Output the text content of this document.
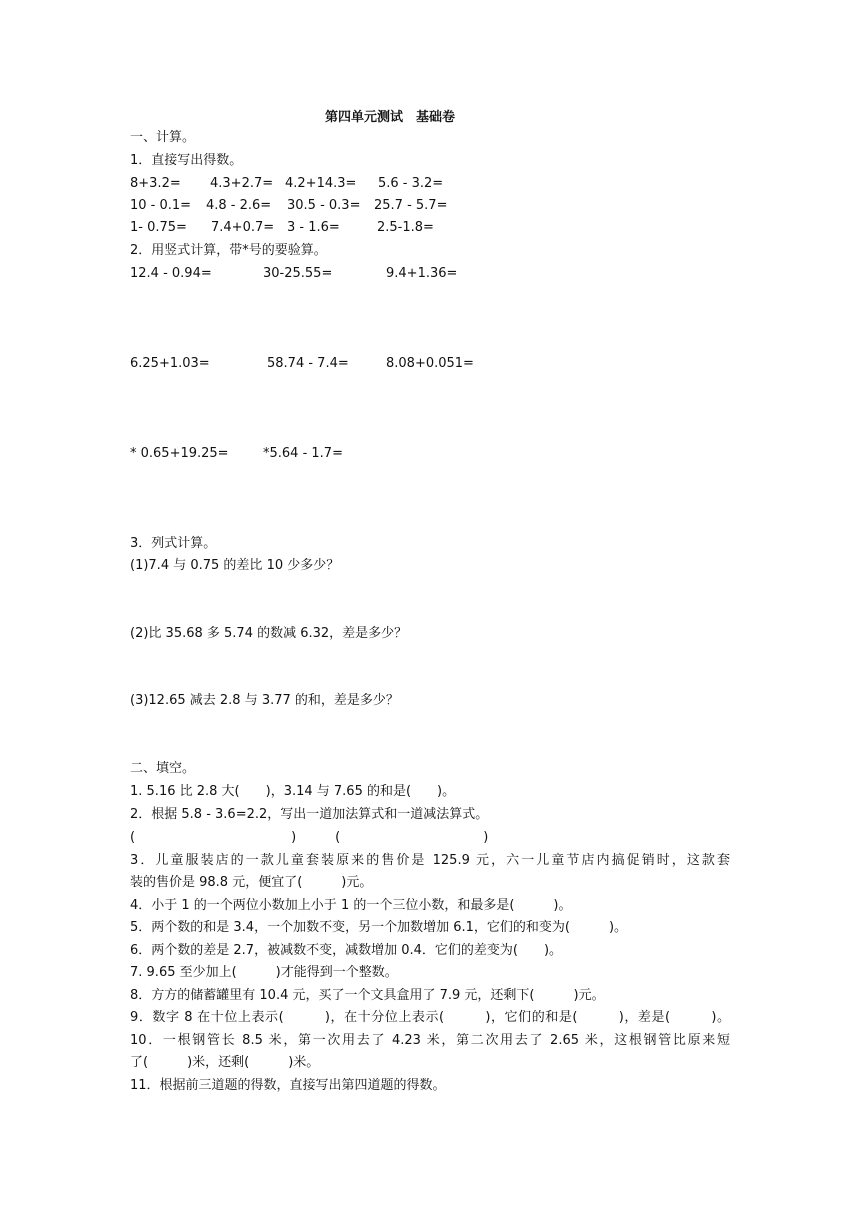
第四单元测试　基础卷
一、计算。
1．直接写出得数。
8+3.2= 4.3+2.7= 4.2+14.3= 5.6 - 3.2=
10 - 0.1= 4.8 - 2.6= 30.5 - 0.3= 25.7 - 5.7=
1- 0.75= 7.4+0.7= 3 - 1.6=	2.5-1.8=
2．用竖式计算，带*号的要验算。
12.4 - 0.94=	30-25.55=	9.4+1.36=
6.25+1.03=	58.74 - 7.4=	8.08+0.051=
* 0.65+19.25=	*5.64 - 1.7=
3．列式计算。
(1)7.4 与 0.75 的差比 10 少多少？
(2)比 35.68 多 5.74 的数减 6.32，差是多少？
(3)12.65 减去 2.8 与 3.77 的和，差是多少？
二、填空。
1. 5.16 比 2.8 大(　　)，3.14 与 7.65 的和是(　　)。
2．根据 5.8 - 3.6=2.2，写出一道加法算式和一道减法算式。
(　　　　　　　　　　　　)　　　(　　　　　　　　　　　)
3．儿童服装店的一款儿童套装原来的售价是 125.9 元，六一儿童节店内搞促销时，这款套
装的售价是 98.8 元，便宜了(　　　)元。
4．小于 1 的一个两位小数加上小于 1 的一个三位小数，和最多是(　　　)。
5．两个数的和是 3.4，一个加数不变，另一个加数增加 6.1，它们的和变为(　　　)。
6．两个数的差是 2.7，被减数不变，减数增加 0.4．它们的差变为(　　)。
7. 9.65 至少加上(　　　)才能得到一个整数。
8．方方的储蓄罐里有 10.4 元，买了一个文具盒用了 7.9 元，还剩下(　　　)元。
9．数字 8 在十位上表示(　　　)，在十分位上表示(　　　)，它们的和是(　　　)，差是(　　　)。
10．一根钢管长 8.5 米，第一次用去了 4.23 米，第二次用去了 2.65 米，这根钢管比原来短
了(　　　)米，还剩(　　　)米。
11．根据前三道题的得数，直接写出第四道题的得数。
